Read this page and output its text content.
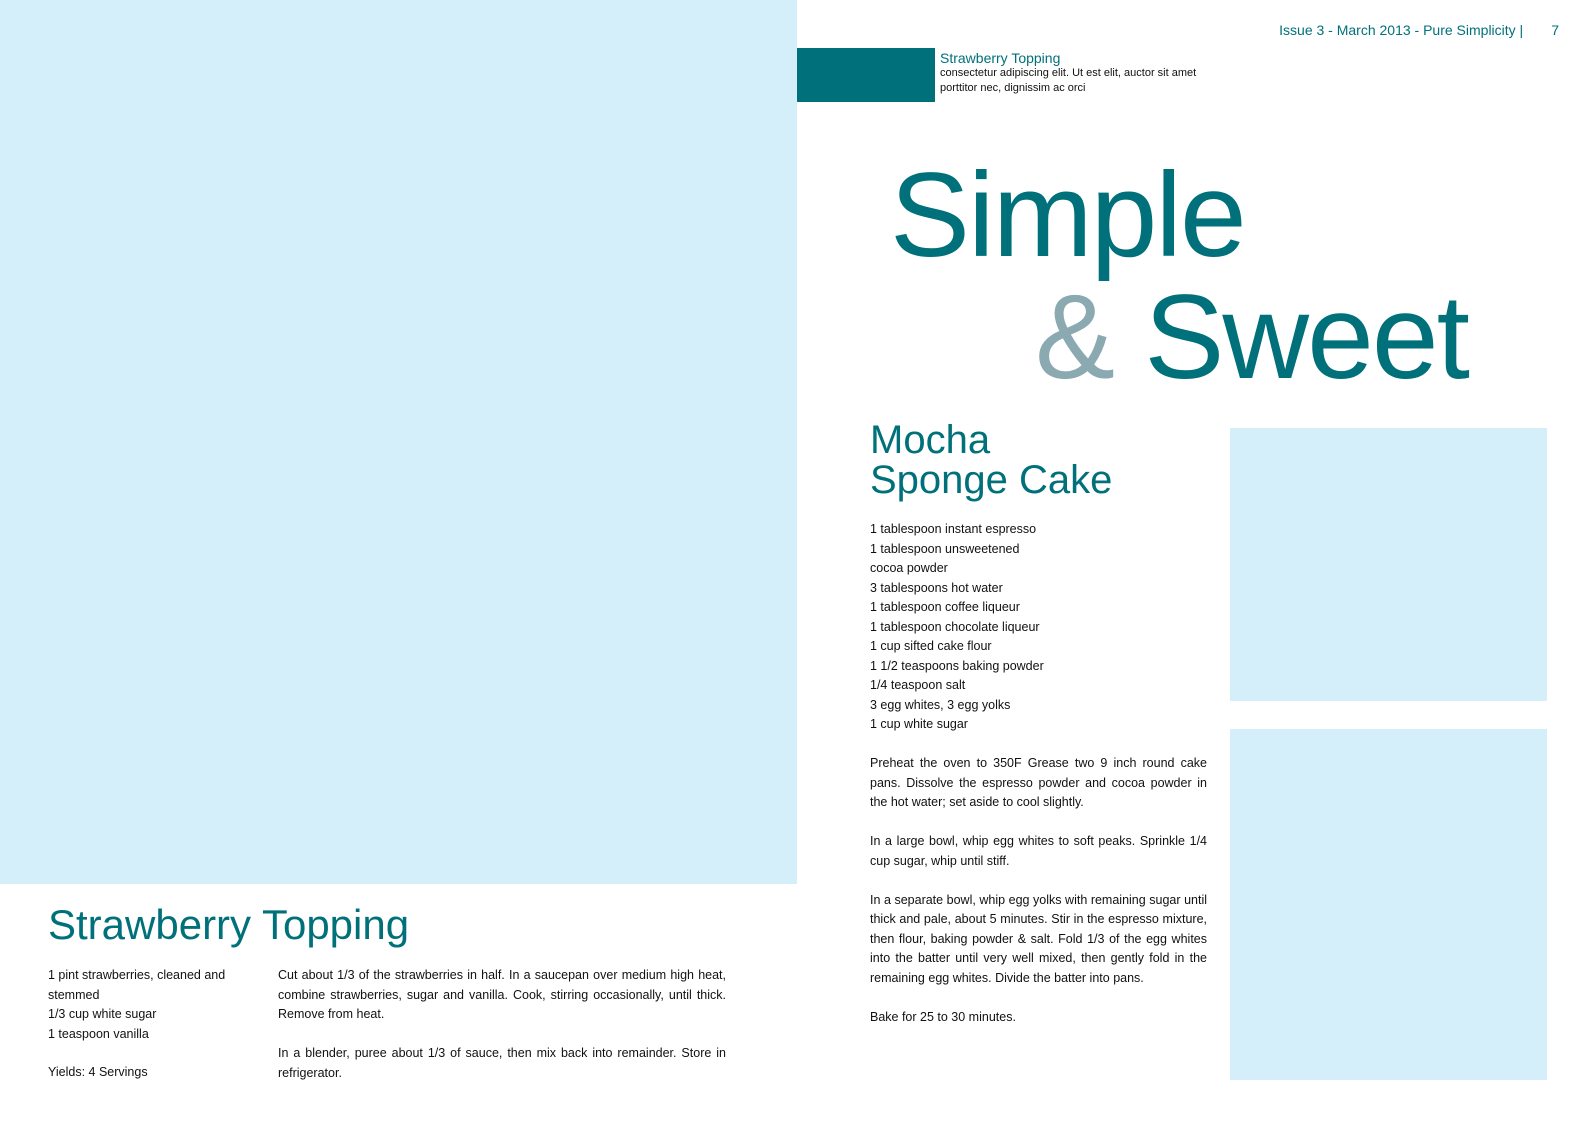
Issue 3 - March 2013 - Pure Simplicity | 7
Strawberry Topping
consectetur adipiscing elit. Ut est elit, auctor sit amet porttitor nec, dignissim ac orci
Simple
& Sweet
Mocha
Sponge Cake
1 tablespoon instant espresso
1 tablespoon unsweetened
cocoa powder
3 tablespoons hot water
1 tablespoon coffee liqueur
1 tablespoon chocolate liqueur
1 cup sifted cake flour
1 1/2 teaspoons baking powder
1/4 teaspoon salt
3 egg whites, 3 egg yolks
1 cup white sugar

Preheat the oven to 350F Grease two 9 inch round cake pans. Dissolve the espresso powder and cocoa powder in the hot water; set aside to cool slightly.

In a large bowl, whip egg whites to soft peaks. Sprinkle 1/4 cup sugar, whip until stiff.

In a separate bowl, whip egg yolks with remaining sugar until thick and pale, about 5 minutes. Stir in the espresso mixture, then flour, baking powder & salt. Fold 1/3 of the egg whites into the batter until very well mixed, then gently fold in the remaining egg whites. Divide the batter into pans.

Bake for 25 to 30 minutes.

Strawberry Topping
1 pint strawberries, cleaned and stemmed
1/3 cup white sugar
1 teaspoon vanilla
Yields: 4 Servings

Cut about 1/3 of the strawberries in half. In a saucepan over medium high heat, combine strawberries, sugar and vanilla. Cook, stirring occasionally, until thick. Remove from heat.

In a blender, puree about 1/3 of sauce, then mix back into remainder. Store in refrigerator.
